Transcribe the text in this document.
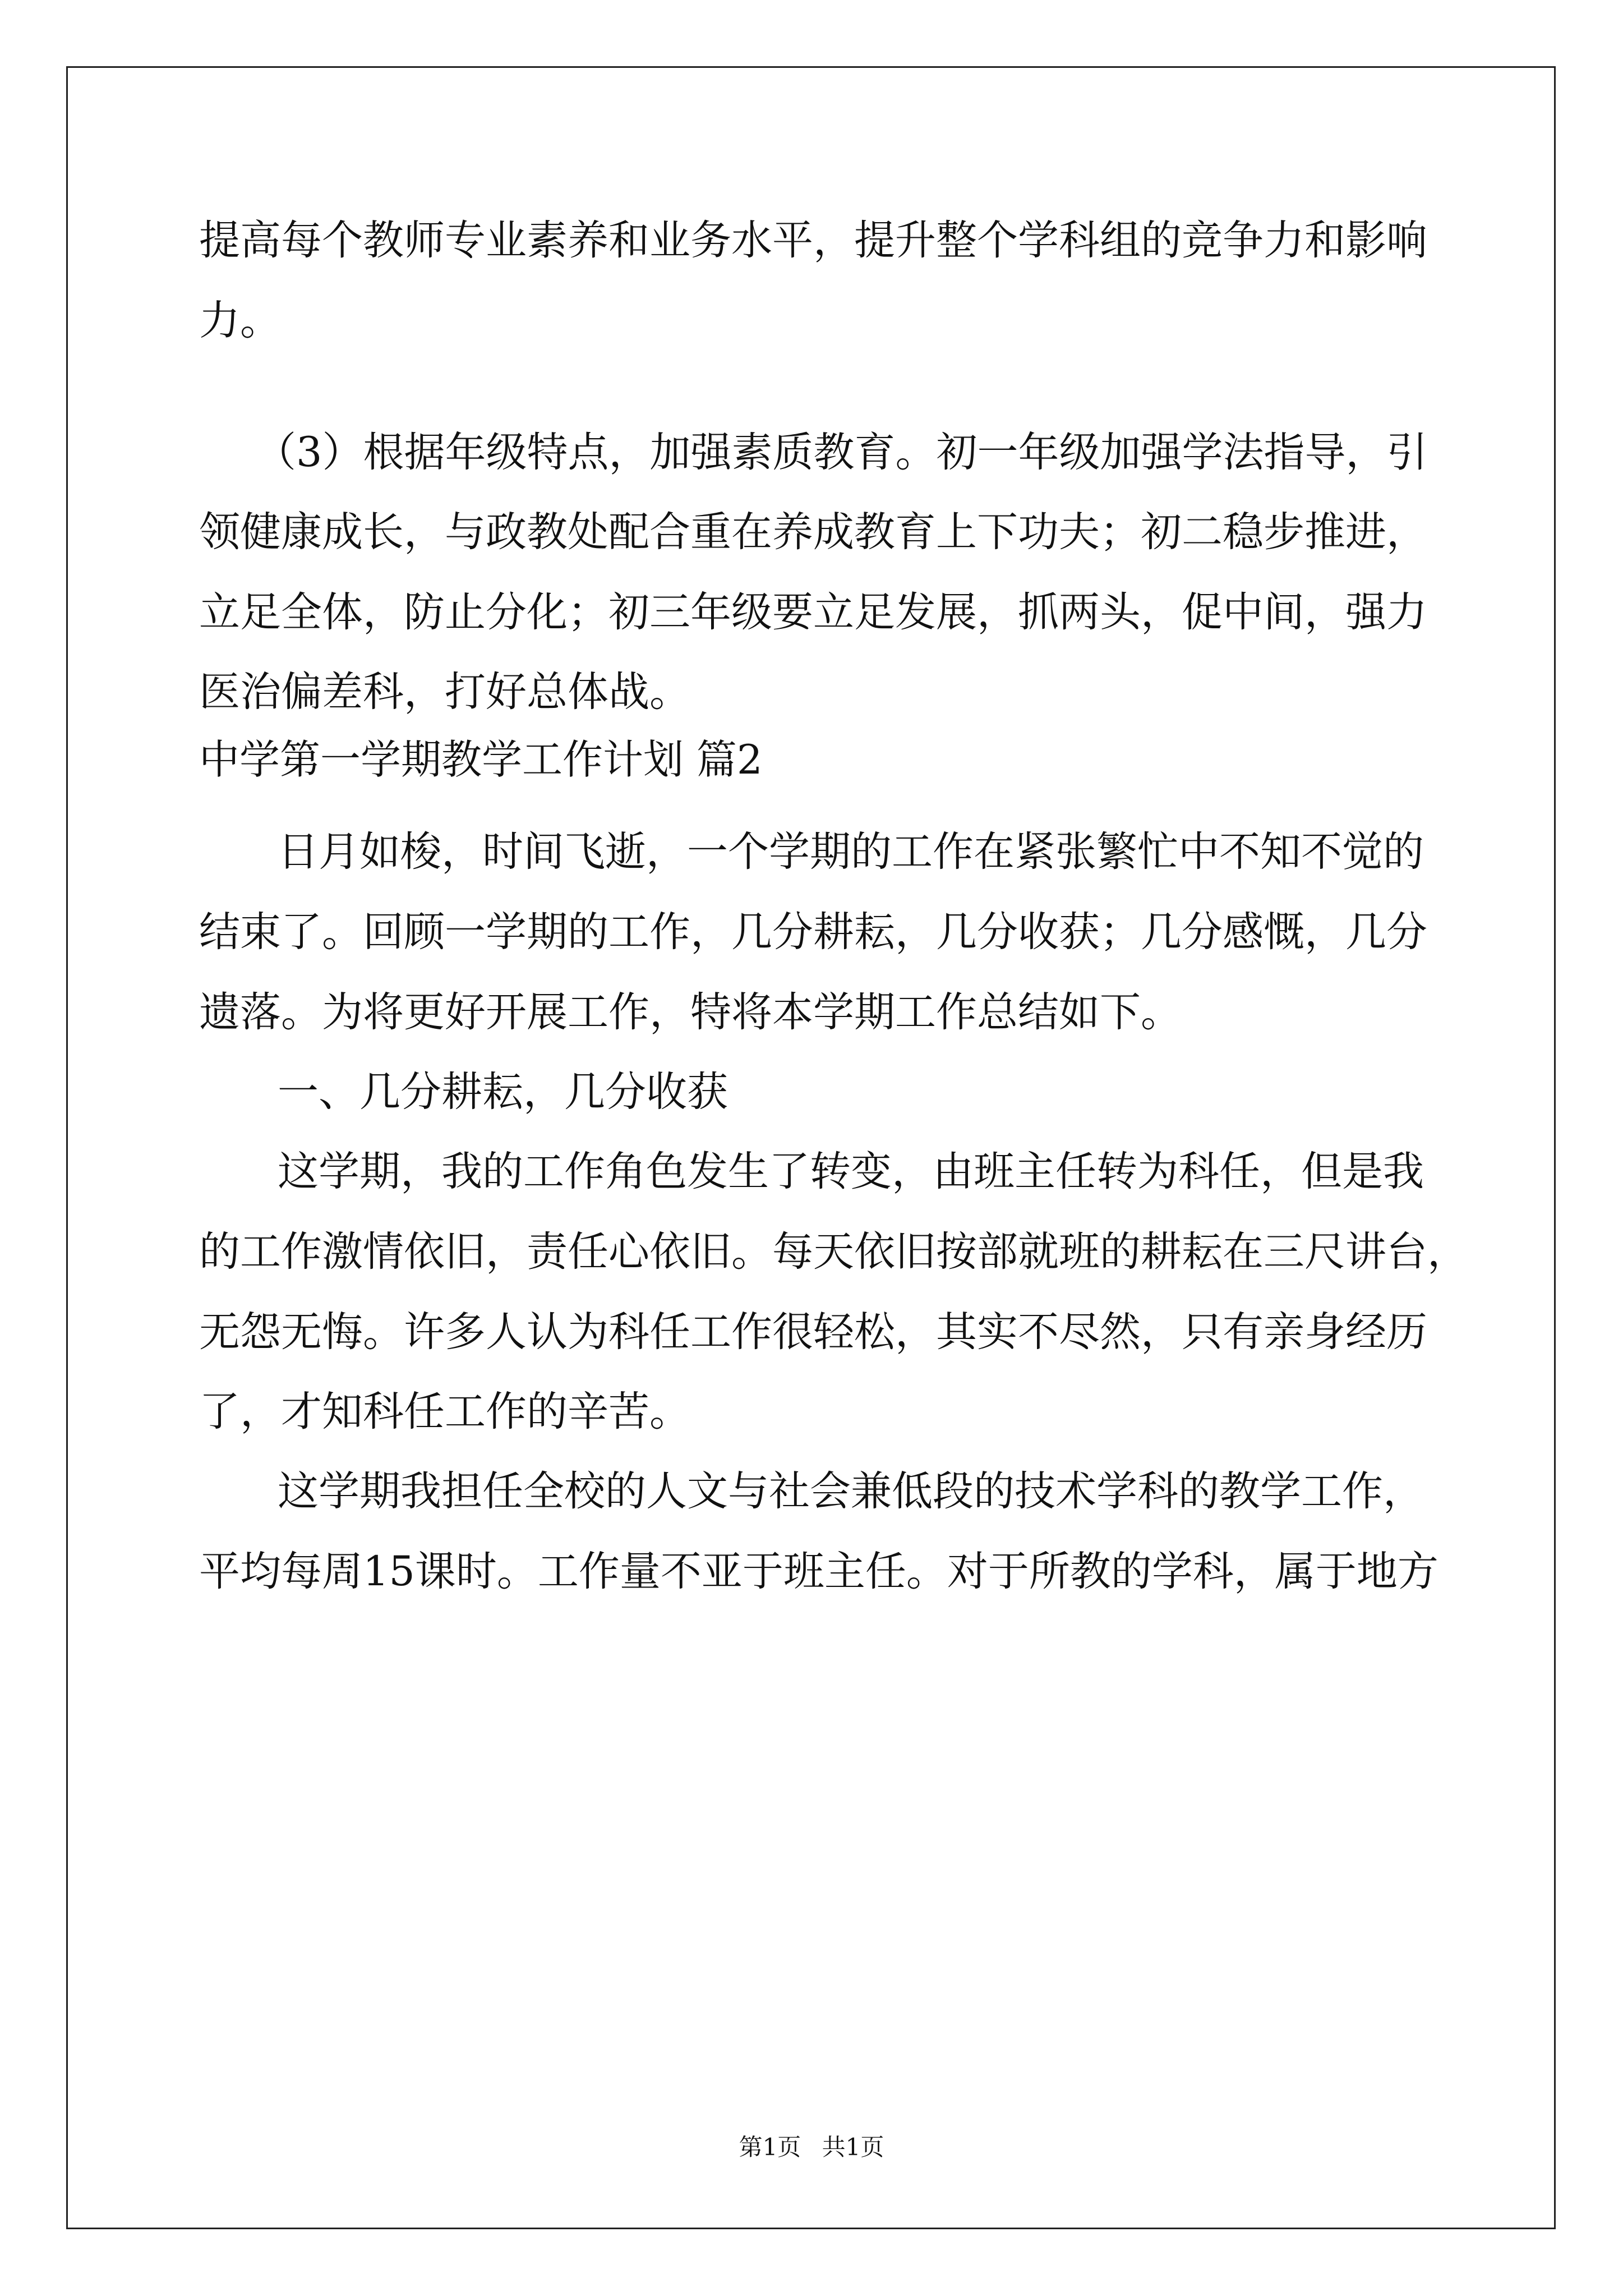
提高每个教师专业素养和业务水平，提升整个学科组的竞争力和影响
力。
（3）根据年级特点，加强素质教育。初一年级加强学法指导，引
领健康成长，与政教处配合重在养成教育上下功夫；初二稳步推进，
立足全体，防止分化；初三年级要立足发展，抓两头，促中间，强力
医治偏差科，打好总体战。
中学第一学期教学工作计划 篇2
日月如梭，时间飞逝，一个学期的工作在紧张繁忙中不知不觉的
结束了。回顾一学期的工作，几分耕耘，几分收获；几分感慨，几分
遗落。为将更好开展工作，特将本学期工作总结如下。
一、几分耕耘，几分收获
这学期，我的工作角色发生了转变，由班主任转为科任，但是我
的工作激情依旧，责任心依旧。每天依旧按部就班的耕耘在三尺讲台，
无怨无悔。许多人认为科任工作很轻松，其实不尽然，只有亲身经历
了，才知科任工作的辛苦。
这学期我担任全校的人文与社会兼低段的技术学科的教学工作，
平均每周15课时。工作量不亚于班主任。对于所教的学科，属于地方
第1页 共1页
